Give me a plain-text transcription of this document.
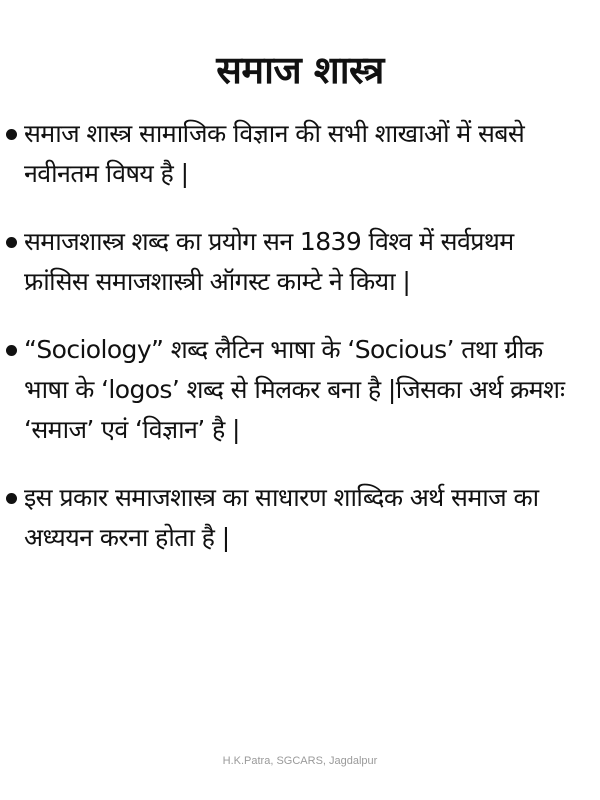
समाज शास्त्र
समाज शास्त्र सामाजिक विज्ञान की सभी शाखाओं में सबसे
नवीनतम विषय है |
समाजशास्त्र शब्द का प्रयोग सन 1839 विश्व में सर्वप्रथम
फ्रांसिस समाजशास्त्री ऑगस्ट काम्टे ने किया |
“Sociology” शब्द लैटिन भाषा के ‘Socious’ तथा ग्रीक
भाषा के ‘logos’ शब्द से मिलकर बना है |जिसका अर्थ क्रमशः
‘समाज’ एवं ‘विज्ञान’ है |
इस प्रकार समाजशास्त्र का साधारण शाब्दिक अर्थ समाज का
अध्ययन करना होता है |
H.K.Patra, SGCARS, Jagdalpur
